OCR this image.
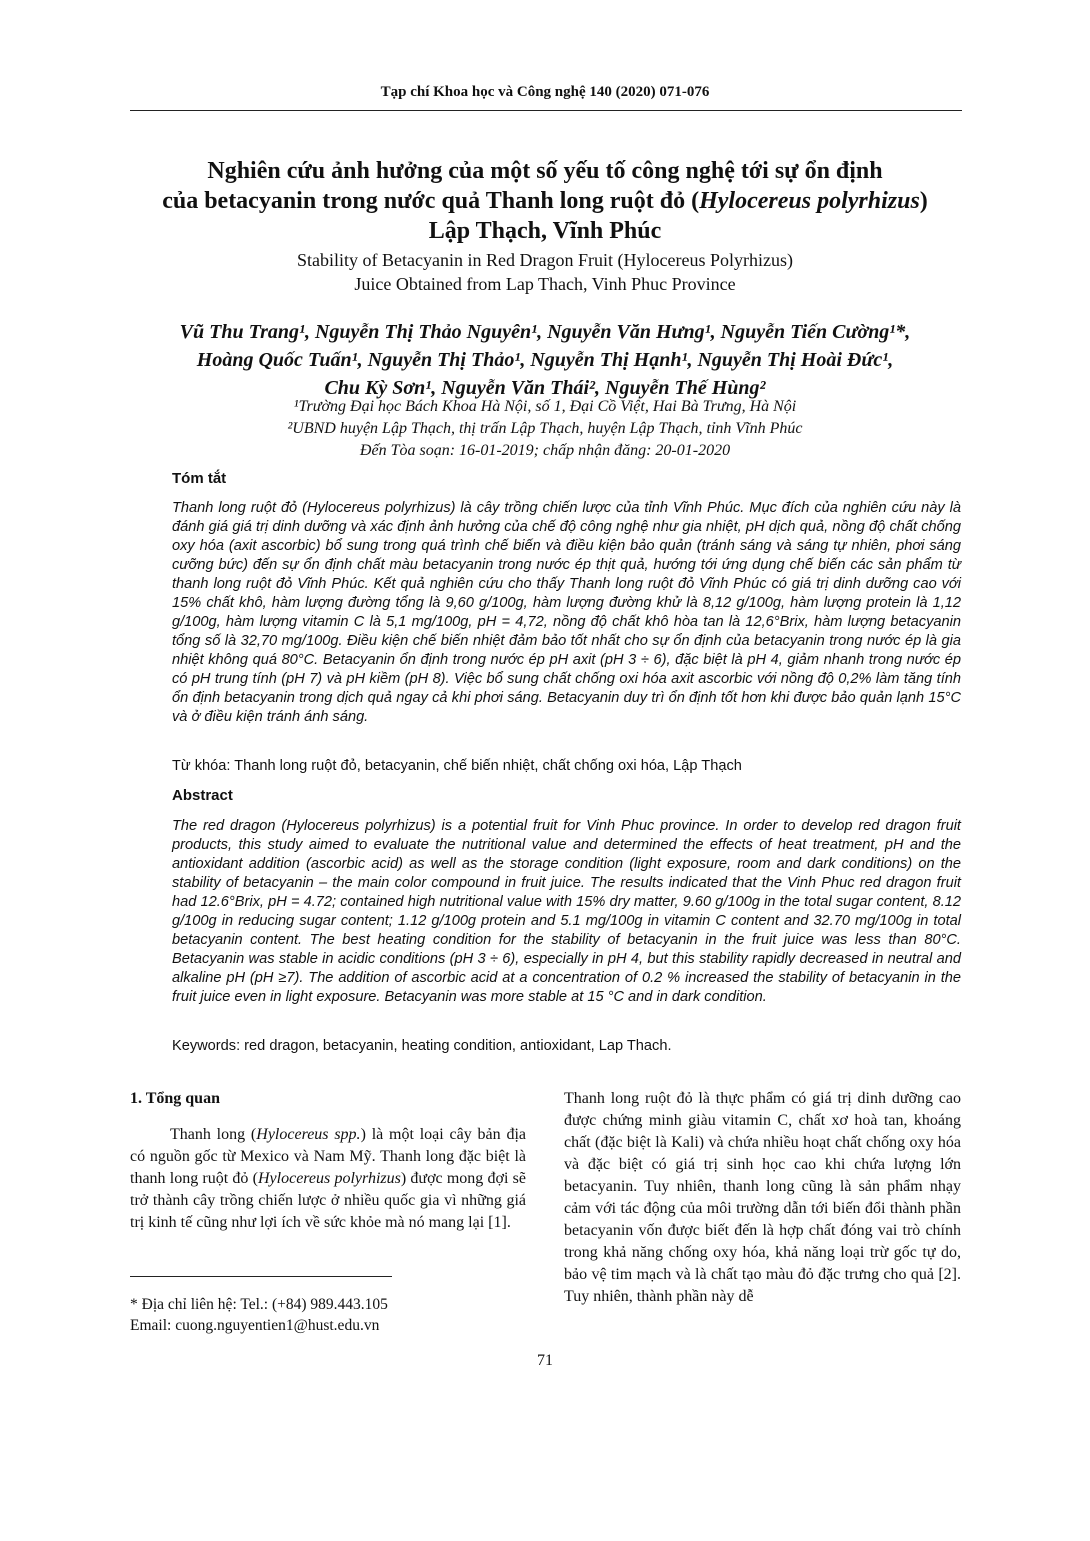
Tạp chí Khoa học và Công nghệ 140 (2020) 071-076
Nghiên cứu ảnh hưởng của một số yếu tố công nghệ tới sự ổn định
của betacyanin trong nước quả Thanh long ruột đỏ (Hylocereus polyrhizus)
Lập Thạch, Vĩnh Phúc
Stability of Betacyanin in Red Dragon Fruit (Hylocereus Polyrhizus)
Juice Obtained from Lap Thach, Vinh Phuc Province
Vũ Thu Trang¹, Nguyễn Thị Thảo Nguyên¹, Nguyễn Văn Hưng¹, Nguyễn Tiến Cường¹*,
Hoàng Quốc Tuấn¹, Nguyễn Thị Thảo¹, Nguyễn Thị Hạnh¹, Nguyễn Thị Hoài Đức¹,
Chu Kỳ Sơn¹, Nguyễn Văn Thái², Nguyễn Thế Hùng²
¹Trường Đại học Bách Khoa Hà Nội, số 1, Đại Cồ Việt, Hai Bà Trưng, Hà Nội
²UBND huyện Lập Thạch, thị trấn Lập Thạch, huyện Lập Thạch, tỉnh Vĩnh Phúc
Đến Tòa soạn: 16-01-2019; chấp nhận đăng: 20-01-2020
Tóm tắt
Thanh long ruột đỏ (Hylocereus polyrhizus) là cây trồng chiến lược của tỉnh Vĩnh Phúc. Mục đích của nghiên cứu này là đánh giá giá trị dinh dưỡng và xác định ảnh hưởng của chế độ công nghệ như gia nhiệt, pH dịch quả, nồng độ chất chống oxy hóa (axit ascorbic) bổ sung trong quá trình chế biến và điều kiện bảo quản (tránh sáng và sáng tự nhiên, phơi sáng cưỡng bức) đến sự ổn định chất màu betacyanin trong nước ép thịt quả, hướng tới ứng dụng chế biến các sản phẩm từ thanh long ruột đỏ Vĩnh Phúc. Kết quả nghiên cứu cho thấy Thanh long ruột đỏ Vĩnh Phúc có giá trị dinh dưỡng cao với 15% chất khô, hàm lượng đường tổng là 9,60 g/100g, hàm lượng đường khử là 8,12 g/100g, hàm lượng protein là 1,12 g/100g, hàm lượng vitamin C là 5,1 mg/100g, pH = 4,72, nồng độ chất khô hòa tan là 12,6°Brix, hàm lượng betacyanin tổng số là 32,70 mg/100g. Điều kiện chế biến nhiệt đảm bảo tốt nhất cho sự ổn định của betacyanin trong nước ép là gia nhiệt không quá 80°C. Betacyanin ổn định trong nước ép pH axit (pH 3 ÷ 6), đặc biệt là pH 4, giảm nhanh trong nước ép có pH trung tính (pH 7) và pH kiềm (pH 8). Việc bổ sung chất chống oxi hóa axit ascorbic với nồng độ 0,2% làm tăng tính ổn định betacyanin trong dịch quả ngay cả khi phơi sáng. Betacyanin duy trì ổn định tốt hơn khi được bảo quản lạnh 15°C và ở điều kiện tránh ánh sáng.
Từ khóa: Thanh long ruột đỏ, betacyanin, chế biến nhiệt, chất chống oxi hóa, Lập Thạch
Abstract
The red dragon (Hylocereus polyrhizus) is a potential fruit for Vinh Phuc province. In order to develop red dragon fruit products, this study aimed to evaluate the nutritional value and determined the effects of heat treatment, pH and the antioxidant addition (ascorbic acid) as well as the storage condition (light exposure, room and dark conditions) on the stability of betacyanin – the main color compound in fruit juice. The results indicated that the Vinh Phuc red dragon fruit had 12.6°Brix, pH = 4.72; contained high nutritional value with 15% dry matter, 9.60 g/100g in the total sugar content, 8.12 g/100g in reducing sugar content; 1.12 g/100g protein and 5.1 mg/100g in vitamin C content and 32.70 mg/100g in total betacyanin content. The best heating condition for the stability of betacyanin in the fruit juice was less than 80°C. Betacyanin was stable in acidic conditions (pH 3 ÷ 6), especially in pH 4, but this stability rapidly decreased in neutral and alkaline pH (pH ≥7). The addition of ascorbic acid at a concentration of 0.2 % increased the stability of betacyanin in the fruit juice even in light exposure. Betacyanin was more stable at 15 °C and in dark condition.
Keywords: red dragon, betacyanin, heating condition, antioxidant, Lap Thach.
1. Tổng quan

Thanh long (Hylocereus spp.) là một loại cây bản địa có nguồn gốc từ Mexico và Nam Mỹ. Thanh long đặc biệt là thanh long ruột đỏ (Hylocereus polyrhizus) được mong đợi sẽ trở thành cây trồng chiến lược ở nhiều quốc gia vì những giá trị kinh tế cũng như lợi ích về sức khỏe mà nó mang lại [1].

Thanh long ruột đỏ là thực phẩm có giá trị dinh dưỡng cao được chứng minh giàu vitamin C, chất xơ hoà tan, khoáng chất (đặc biệt là Kali) và chứa nhiều hoạt chất chống oxy hóa và đặc biệt có giá trị sinh học cao khi chứa lượng lớn betacyanin. Tuy nhiên, thanh long cũng là sản phẩm nhạy cảm với tác động của môi trường dẫn tới biến đổi thành phần betacyanin vốn được biết đến là hợp chất đóng vai trò chính trong khả năng chống oxy hóa, khả năng loại trừ gốc tự do, bảo vệ tim mạch và là chất tạo màu đỏ đặc trưng cho quả [2]. Tuy nhiên, thành phần này dễ

* Địa chỉ liên hệ: Tel.: (+84) 989.443.105
Email: cuong.nguyentien1@hust.edu.vn
71
